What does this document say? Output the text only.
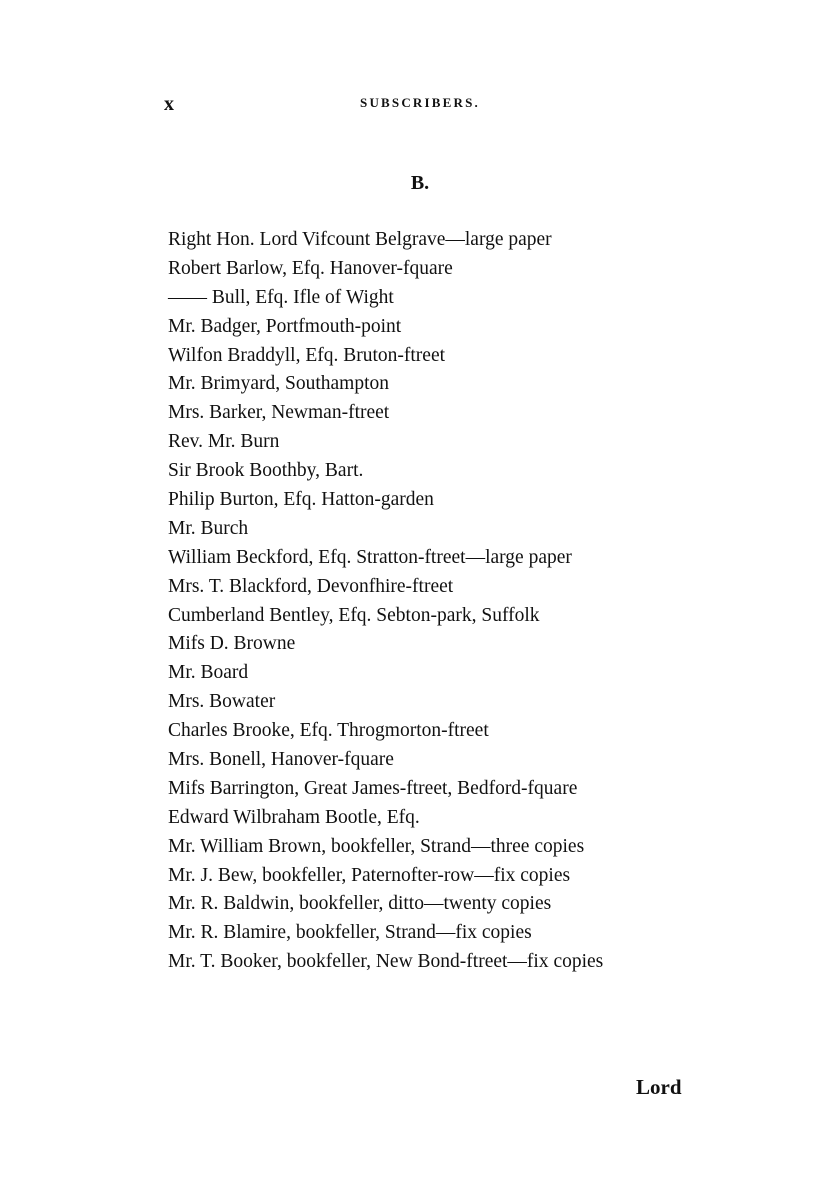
x	SUBSCRIBERS.
B.
Right Hon. Lord Vifcount Belgrave—large paper
Robert Barlow, Efq. Hanover-fquare
—— Bull, Efq. Ifle of Wight
Mr. Badger, Portfmouth-point
Wilfon Braddyll, Efq. Bruton-ftreet
Mr. Brimyard, Southampton
Mrs. Barker, Newman-ftreet
Rev. Mr. Burn
Sir Brook Boothby, Bart.
Philip Burton, Efq. Hatton-garden
Mr. Burch
William Beckford, Efq. Stratton-ftreet—large paper
Mrs. T. Blackford, Devonfhire-ftreet
Cumberland Bentley, Efq. Sebton-park, Suffolk
Mifs D. Browne
Mr. Board
Mrs. Bowater
Charles Brooke, Efq. Throgmorton-ftreet
Mrs. Bonell, Hanover-fquare
Mifs Barrington, Great James-ftreet, Bedford-fquare
Edward Wilbraham Bootle, Efq.
Mr. William Brown, bookfeller, Strand—three copies
Mr. J. Bew, bookfeller, Paternofter-row—fix copies
Mr. R. Baldwin, bookfeller, ditto—twenty copies
Mr. R. Blamire, bookfeller, Strand—fix copies
Mr. T. Booker, bookfeller, New Bond-ftreet—fix copies
Lord
